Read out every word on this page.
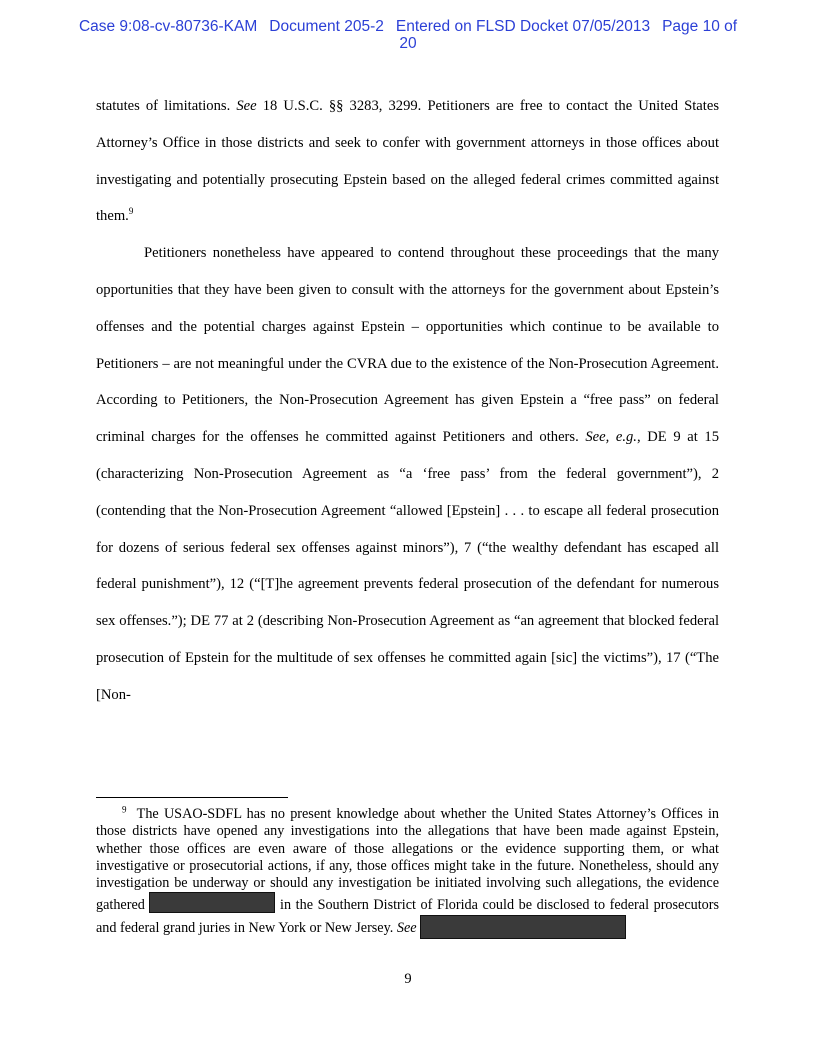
Case 9:08-cv-80736-KAM Document 205-2 Entered on FLSD Docket 07/05/2013 Page 10 of
20

statutes of limitations. See 18 U.S.C. §§ 3283, 3299. Petitioners are free to contact the United States Attorney’s Office in those districts and seek to confer with government attorneys in those offices about investigating and potentially prosecuting Epstein based on the alleged federal crimes committed against them.$^9$

Petitioners nonetheless have appeared to contend throughout these proceedings that the many opportunities that they have been given to consult with the attorneys for the government about Epstein’s offenses and the potential charges against Epstein – opportunities which continue to be available to Petitioners – are not meaningful under the CVRA due to the existence of the Non-Prosecution Agreement. According to Petitioners, the Non-Prosecution Agreement has given Epstein a “free pass” on federal criminal charges for the offenses he committed against Petitioners and others. See, e.g., DE 9 at 15 (characterizing Non-Prosecution Agreement as “a ‘free pass’ from the federal government”), 2 (contending that the Non-Prosecution Agreement “allowed [Epstein] . . . to escape all federal prosecution for dozens of serious federal sex offenses against minors”), 7 (“the wealthy defendant has escaped all federal punishment”), 12 (“[T]he agreement prevents federal prosecution of the defendant for numerous sex offenses.”); DE 77 at 2 (describing Non-Prosecution Agreement as “an agreement that blocked federal prosecution of Epstein for the multitude of sex offenses he committed again [sic] the victims”), 17 (“The [Non-

$^9$ The USAO-SDFL has no present knowledge about whether the United States Attorney’s Offices in those districts have opened any investigations into the allegations that have been made against Epstein, whether those offices are even aware of those allegations or the evidence supporting them, or what investigative or prosecutorial actions, if any, those offices might take in the future. Nonetheless, should any investigation be underway or should any investigation be initiated involving such allegations, the evidence gathered	in the Southern District of Florida could be disclosed to federal prosecutors and federal grand juries in New York or New Jersey. See

9
